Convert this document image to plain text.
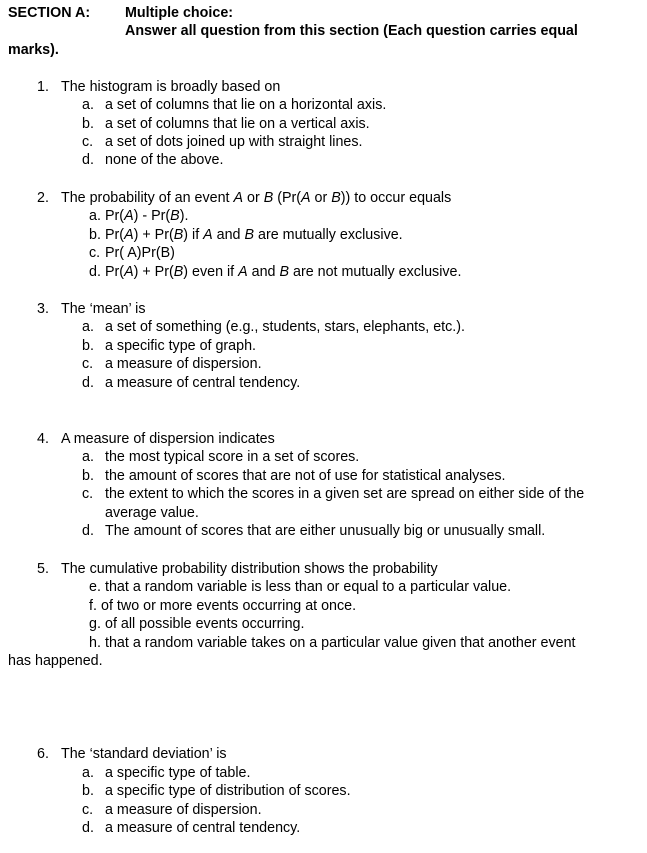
SECTION A: Multiple choice:
Answer all question from this section (Each question carries equal
marks).
1. The histogram is broadly based on
a. a set of columns that lie on a horizontal axis.
b. a set of columns that lie on a vertical axis.
c. a set of dots joined up with straight lines.
d. none of the above.
2. The probability of an event A or B (Pr(A or B)) to occur equals
a. Pr(A) - Pr(B).
b. Pr(A) + Pr(B) if A and B are mutually exclusive.
c. Pr( A)Pr(B)
d. Pr(A) + Pr(B) even if A and B are not mutually exclusive.
3. The ‘mean’ is
a. a set of something (e.g., students, stars, elephants, etc.).
b. a specific type of graph.
c. a measure of dispersion.
d. a measure of central tendency.
4. A measure of dispersion indicates
a. the most typical score in a set of scores.
b. the amount of scores that are not of use for statistical analyses.
c. the extent to which the scores in a given set are spread on either side of the
average value.
d. The amount of scores that are either unusually big or unusually small.
5. The cumulative probability distribution shows the probability
e. that a random variable is less than or equal to a particular value.
f. of two or more events occurring at once.
g. of all possible events occurring.
h. that a random variable takes on a particular value given that another event
has happened.
6. The ‘standard deviation’ is
a. a specific type of table.
b. a specific type of distribution of scores.
c. a measure of dispersion.
d. a measure of central tendency.
